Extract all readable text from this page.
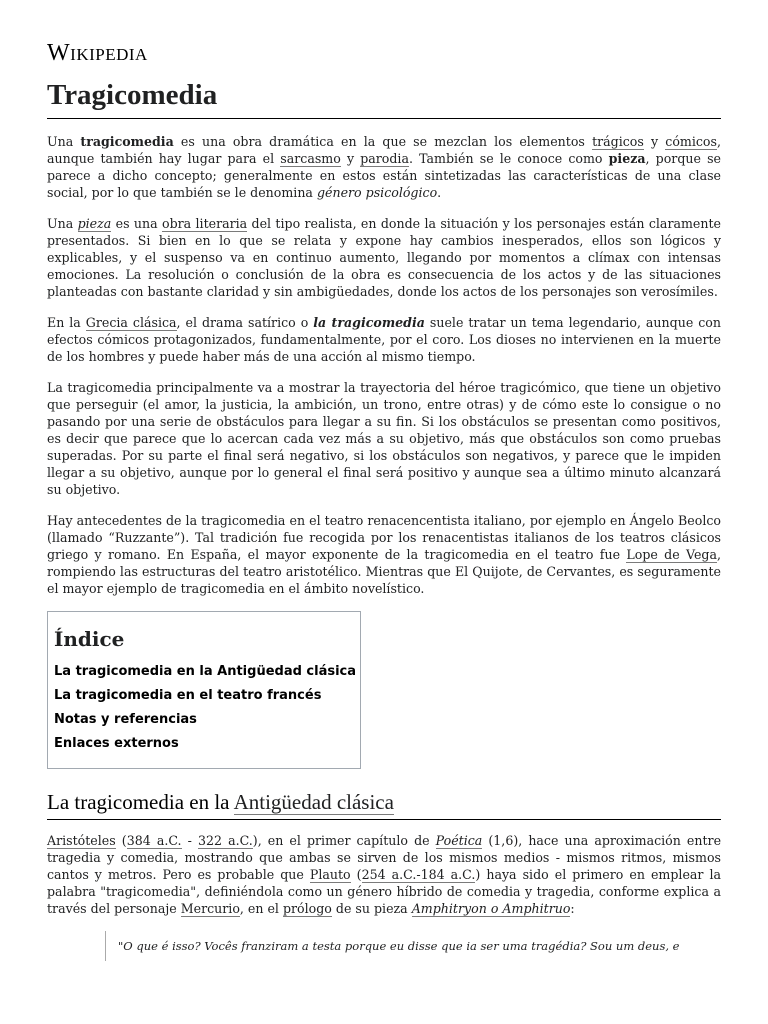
Wikipedia
Tragicomedia

Una tragicomedia es una obra dramática en la que se mezclan los elementos trágicos y cómicos, aunque también hay lugar para el sarcasmo y parodia. También se le conoce como pieza, porque se parece a dicho concepto; generalmente en estos están sintetizadas las características de una clase social, por lo que también se le denomina género psicológico.

Una pieza es una obra literaria del tipo realista, en donde la situación y los personajes están claramente presentados. Si bien en lo que se relata y expone hay cambios inesperados, ellos son lógicos y explicables, y el suspenso va en continuo aumento, llegando por momentos a clímax con intensas emociones. La resolución o conclusión de la obra es consecuencia de los actos y de las situaciones planteadas con bastante claridad y sin ambigüedades, donde los actos de los personajes son verosímiles.

En la Grecia clásica, el drama satírico o la tragicomedia suele tratar un tema legendario, aunque con efectos cómicos protagonizados, fundamentalmente, por el coro. Los dioses no intervienen en la muerte de los hombres y puede haber más de una acción al mismo tiempo.

La tragicomedia principalmente va a mostrar la trayectoria del héroe tragicómico, que tiene un objetivo que perseguir (el amor, la justicia, la ambición, un trono, entre otras) y de cómo este lo consigue o no pasando por una serie de obstáculos para llegar a su fin. Si los obstáculos se presentan como positivos, es decir que parece que lo acercan cada vez más a su objetivo, más que obstáculos son como pruebas superadas. Por su parte el final será negativo, si los obstáculos son negativos, y parece que le impiden llegar a su objetivo, aunque por lo general el final será positivo y aunque sea a último minuto alcanzará su objetivo.

Hay antecedentes de la tragicomedia en el teatro renacencentista italiano, por ejemplo en Ángelo Beolco (llamado “Ruzzante”). Tal tradición fue recogida por los renacentistas italianos de los teatros clásicos griego y romano. En España, el mayor exponente de la tragicomedia en el teatro fue Lope de Vega, rompiendo las estructuras del teatro aristotélico. Mientras que El Quijote, de Cervantes, es seguramente el mayor ejemplo de tragicomedia en el ámbito novelístico.

Índice
La tragicomedia en la Antigüedad clásica
La tragicomedia en el teatro francés
Notas y referencias
Enlaces externos
La tragicomedia en la Antigüedad clásica

Aristóteles (384 a.C. - 322 a.C.), en el primer capítulo de Poética (1,6), hace una aproximación entre tragedia y comedia, mostrando que ambas se sirven de los mismos medios - mismos ritmos, mismos cantos y metros. Pero es probable que Plauto (254 a.C.-184 a.C.) haya sido el primero en emplear la palabra "tragicomedia", definiéndola como un género híbrido de comedia y tragedia, conforme explica a través del personaje Mercurio, en el prólogo de su pieza Amphitryon o Amphitruo:

"O que é isso? Vocês franziram a testa porque eu disse que ia ser uma tragédia? Sou um deus, e
